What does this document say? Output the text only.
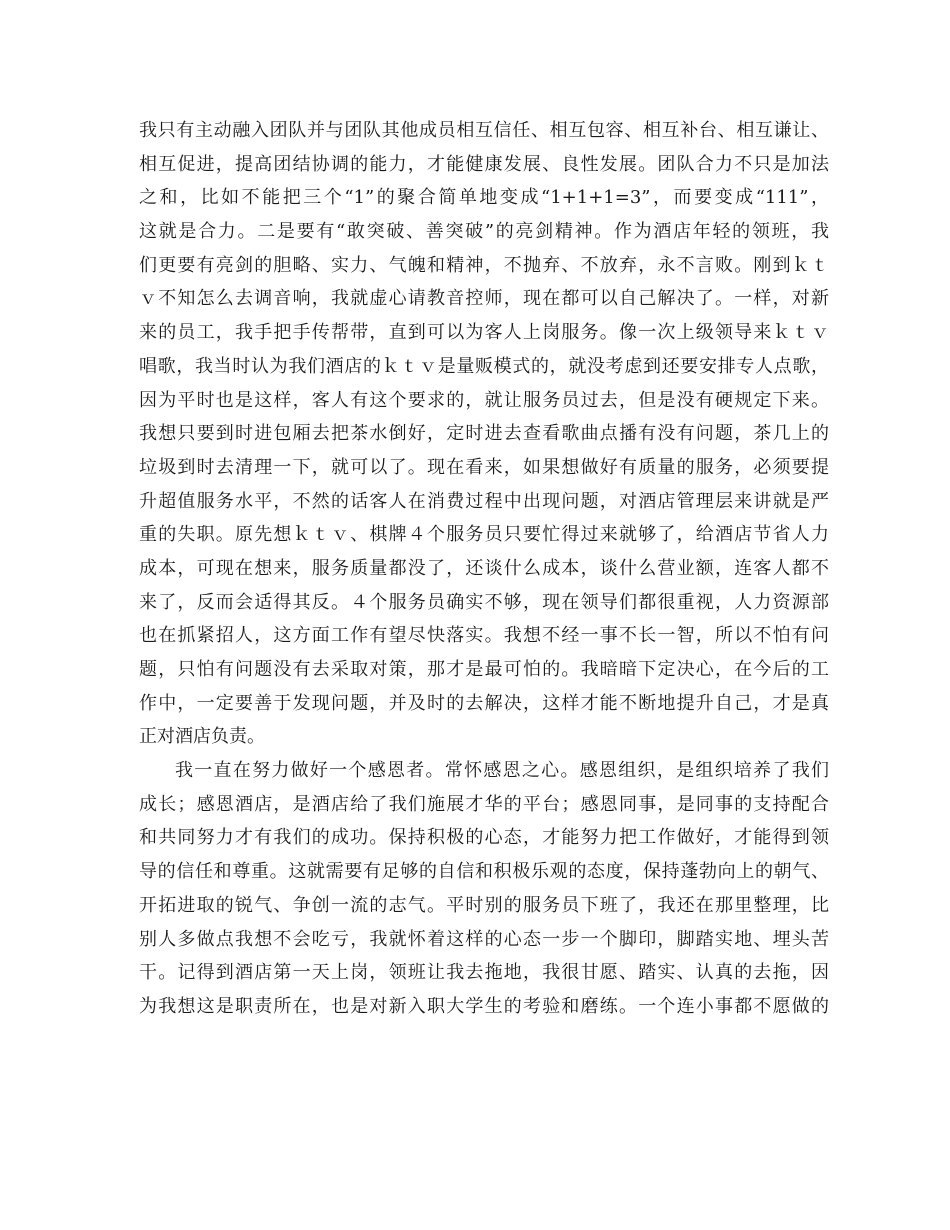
我只有主动融入团队并与团队其他成员相互信任、相互包容、相互补台、相互谦让、
相互促进，提高团结协调的能力，才能健康发展、良性发展。团队合力不只是加法
之和，比如不能把三个“1”的聚合简单地变成“1+1+1=3”，而要变成“111”，
这就是合力。二是要有“敢突破、善突破”的亮剑精神。作为酒店年轻的领班，我
们更要有亮剑的胆略、实力、气魄和精神，不抛弃、不放弃，永不言败。刚到ｋｔ
ｖ不知怎么去调音响，我就虚心请教音控师，现在都可以自己解决了。一样，对新
来的员工，我手把手传帮带，直到可以为客人上岗服务。像一次上级领导来ｋｔｖ
唱歌，我当时认为我们酒店的ｋｔｖ是量贩模式的，就没考虑到还要安排专人点歌，
因为平时也是这样，客人有这个要求的，就让服务员过去，但是没有硬规定下来。
我想只要到时进包厢去把茶水倒好，定时进去查看歌曲点播有没有问题，茶几上的
垃圾到时去清理一下，就可以了。现在看来，如果想做好有质量的服务，必须要提
升超值服务水平，不然的话客人在消费过程中出现问题，对酒店管理层来讲就是严
重的失职。原先想ｋｔｖ、棋牌４个服务员只要忙得过来就够了，给酒店节省人力
成本，可现在想来，服务质量都没了，还谈什么成本，谈什么营业额，连客人都不
来了，反而会适得其反。４个服务员确实不够，现在领导们都很重视，人力资源部
也在抓紧招人，这方面工作有望尽快落实。我想不经一事不长一智，所以不怕有问
题，只怕有问题没有去采取对策，那才是最可怕的。我暗暗下定决心，在今后的工
作中，一定要善于发现问题，并及时的去解决，这样才能不断地提升自己，才是真
正对酒店负责。
我一直在努力做好一个感恩者。常怀感恩之心。感恩组织，是组织培养了我们
成长；感恩酒店，是酒店给了我们施展才华的平台；感恩同事，是同事的支持配合
和共同努力才有我们的成功。保持积极的心态，才能努力把工作做好，才能得到领
导的信任和尊重。这就需要有足够的自信和积极乐观的态度，保持蓬勃向上的朝气、
开拓进取的锐气、争创一流的志气。平时别的服务员下班了，我还在那里整理，比
别人多做点我想不会吃亏，我就怀着这样的心态一步一个脚印，脚踏实地、埋头苦
干。记得到酒店第一天上岗，领班让我去拖地，我很甘愿、踏实、认真的去拖，因
为我想这是职责所在，也是对新入职大学生的考验和磨练。一个连小事都不愿做的
